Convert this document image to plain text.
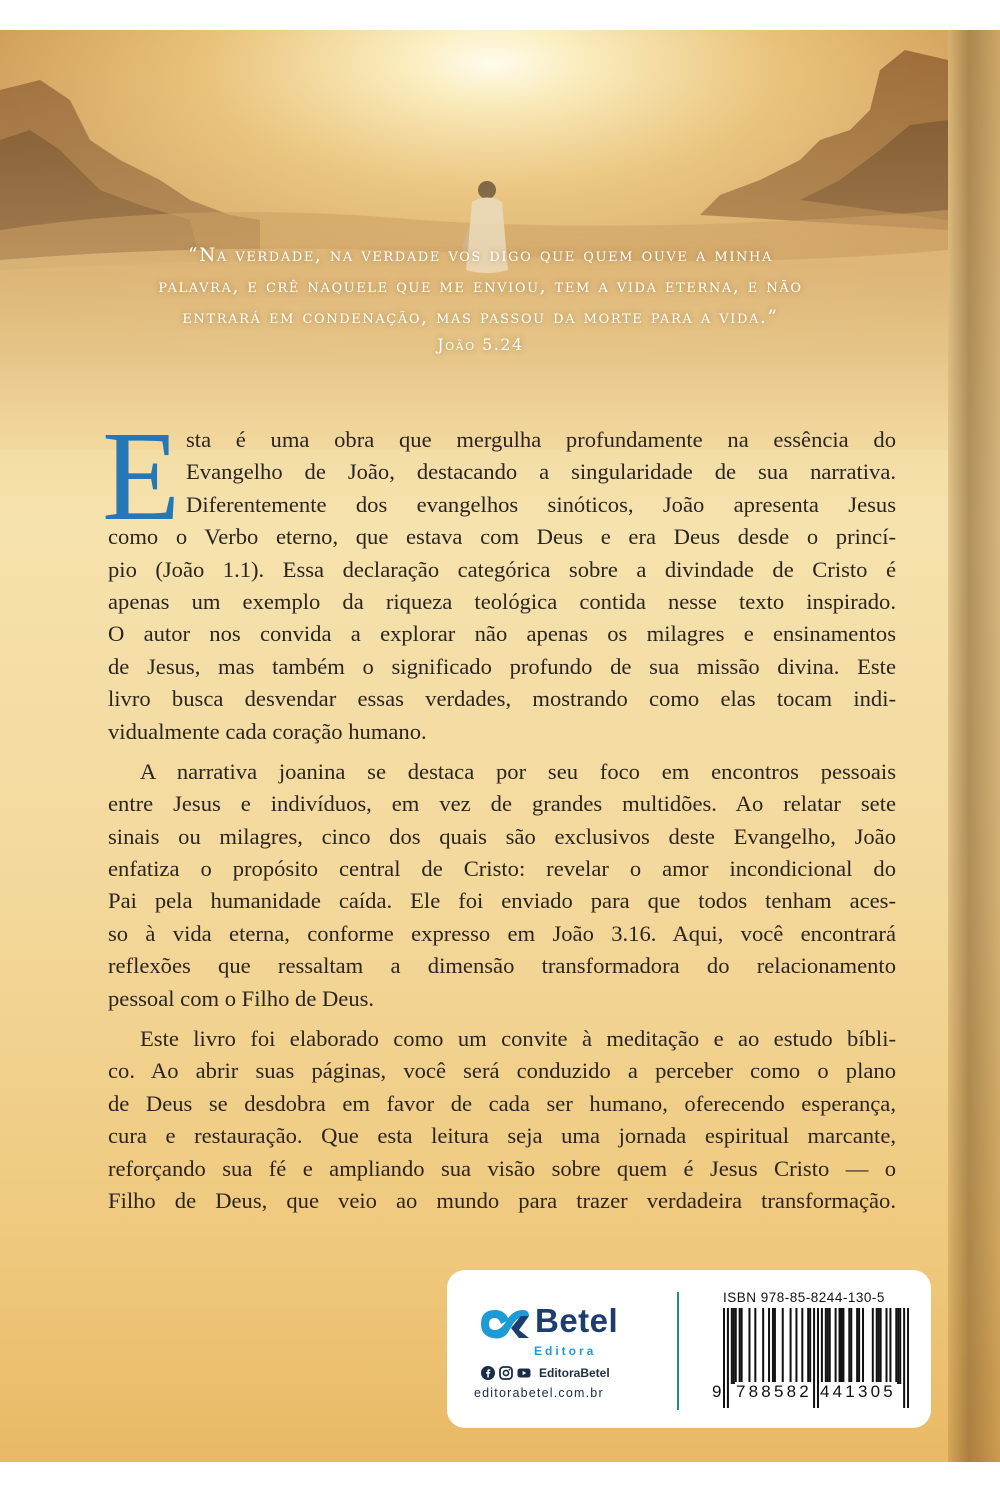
“Na verdade, na verdade vos digo que quem ouve a minha
palavra, e crê naquele que me enviou, tem a vida eterna, e não
entrará em condenação, mas passou da morte para a vida.”
João 5.24
E sta é uma obra que mergulha profundamente na essência do
Evangelho de João, destacando a singularidade de sua narrativa.
Diferentemente dos evangelhos sinóticos, João apresenta Jesus
como o Verbo eterno, que estava com Deus e era Deus desde o princí-
pio (João 1.1). Essa declaração categórica sobre a divindade de Cristo é
apenas um exemplo da riqueza teológica contida nesse texto inspirado.
O autor nos convida a explorar não apenas os milagres e ensinamentos
de Jesus, mas também o significado profundo de sua missão divina. Este
livro busca desvendar essas verdades, mostrando como elas tocam indi-
vidualmente cada coração humano.
A narrativa joanina se destaca por seu foco em encontros pessoais
entre Jesus e indivíduos, em vez de grandes multidões. Ao relatar sete
sinais ou milagres, cinco dos quais são exclusivos deste Evangelho, João
enfatiza o propósito central de Cristo: revelar o amor incondicional do
Pai pela humanidade caída. Ele foi enviado para que todos tenham aces-
so à vida eterna, conforme expresso em João 3.16. Aqui, você encontrará
reflexões que ressaltam a dimensão transformadora do relacionamento
pessoal com o Filho de Deus.
Este livro foi elaborado como um convite à meditação e ao estudo bíbli-
co. Ao abrir suas páginas, você será conduzido a perceber como o plano
de Deus se desdobra em favor de cada ser humano, oferecendo esperança,
cura e restauração. Que esta leitura seja uma jornada espiritual marcante,
reforçando sua fé e ampliando sua visão sobre quem é Jesus Cristo — o
Filho de Deus, que veio ao mundo para trazer verdadeira transformação.
Betel
Editora
EditoraBetel
editorabetel.com.br
ISBN 978-85-8244-130-5
9 788582 441305
